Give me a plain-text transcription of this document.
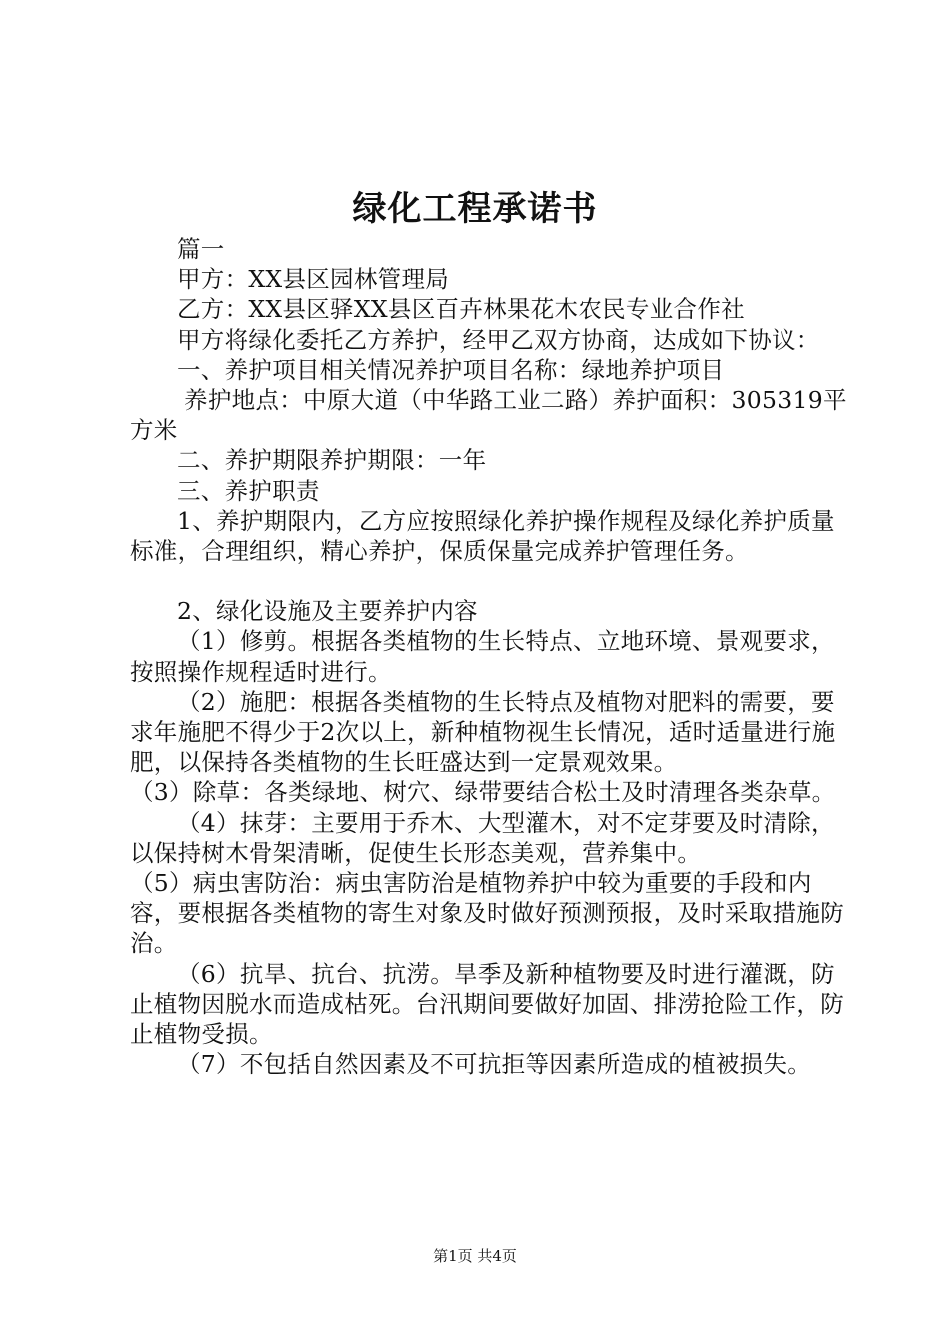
绿化工程承诺书

篇一

甲方：XX县区园林管理局

乙方：XX县区驿XX县区百卉林果花木农民专业合作社

甲方将绿化委托乙方养护，经甲乙双方协商，达成如下协议：

一、养护项目相关情况养护项目名称：绿地养护项目

养护地点：中原大道（中华路工业二路）养护面积：305319平方米

二、养护期限养护期限：一年

三、养护职责

1、养护期限内，乙方应按照绿化养护操作规程及绿化养护质量标准，合理组织，精心养护，保质保量完成养护管理任务。

2、绿化设施及主要养护内容

（1）修剪。根据各类植物的生长特点、立地环境、景观要求，按照操作规程适时进行。

（2）施肥：根据各类植物的生长特点及植物对肥料的需要，要求年施肥不得少于2次以上，新种植物视生长情况，适时适量进行施肥，以保持各类植物的生长旺盛达到一定景观效果。

（3）除草：各类绿地、树穴、绿带要结合松土及时清理各类杂草。

（4）抹芽：主要用于乔木、大型灌木，对不定芽要及时清除，以保持树木骨架清晰，促使生长形态美观，营养集中。

（5）病虫害防治：病虫害防治是植物养护中较为重要的手段和内容，要根据各类植物的寄生对象及时做好预测预报，及时采取措施防治。

（6）抗旱、抗台、抗涝。旱季及新种植物要及时进行灌溉，防止植物因脱水而造成枯死。台汛期间要做好加固、排涝抢险工作，防止植物受损。

（7）不包括自然因素及不可抗拒等因素所造成的植被损失。

第1页 共4页
